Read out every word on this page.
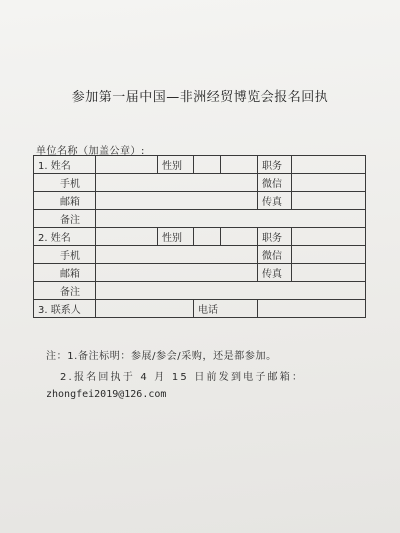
参加第一届中国—非洲经贸博览会报名回执
单位名称（加盖公章）:
1. 姓名		性别			职务	
手机					微信	
邮箱					传真	
备注						
2. 姓名		性别			职务	
手机					微信	
邮箱					传真	
备注						
3. 联系人			电话			
注：1.备注标明：参展/参会/采购，还是都参加。
2.报名回执于 4 月 15 日前发到电子邮箱：
zhongfei2019@126.com
